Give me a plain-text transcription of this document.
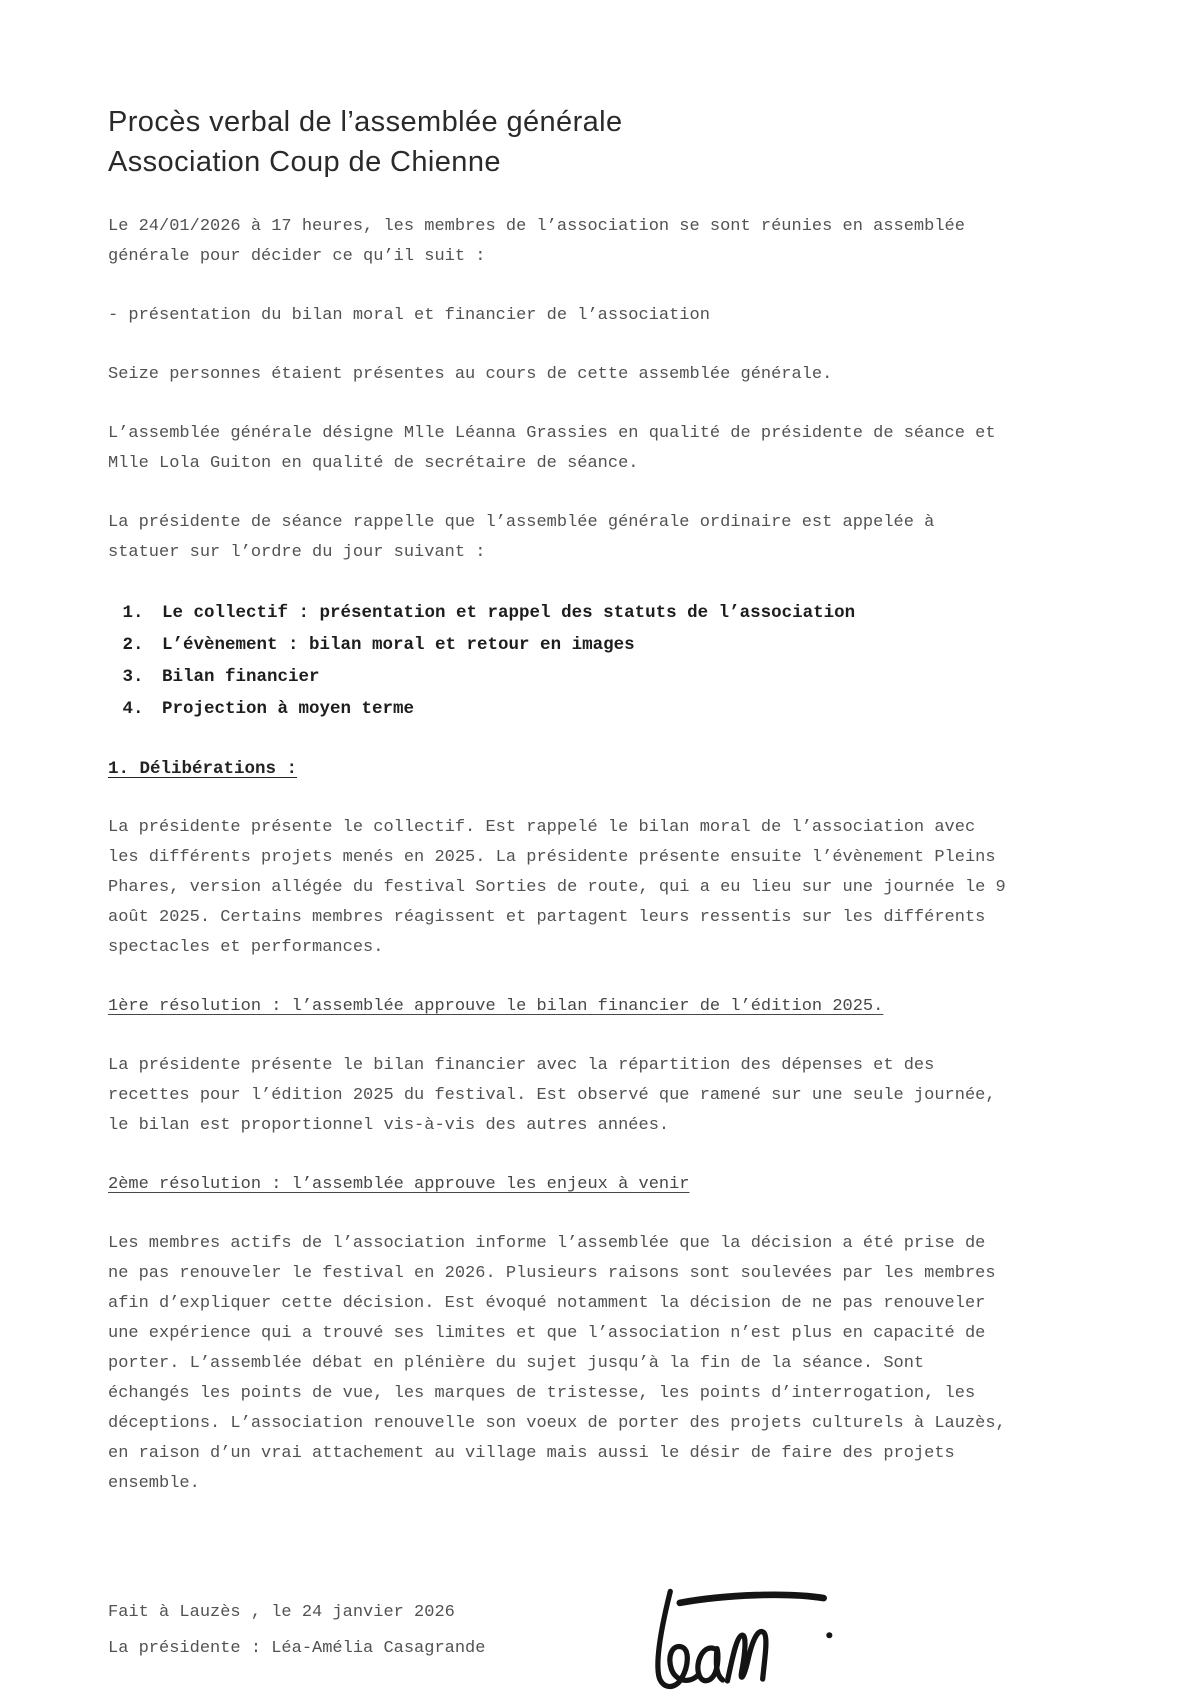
Procès verbal de l’assemblée générale
Association Coup de Chienne

Le 24/01/2026 à 17 heures, les membres de l’association se sont réunies en assemblée générale pour décider ce qu’il suit :

- présentation du bilan moral et financier de l’association

Seize personnes étaient présentes au cours de cette assemblée générale.

L’assemblée générale désigne Mlle Léanna Grassies en qualité de présidente de séance et Mlle Lola Guiton en qualité de secrétaire de séance.

La présidente de séance rappelle que l’assemblée générale ordinaire est appelée à statuer sur l’ordre du jour suivant :

1. Le collectif : présentation et rappel des statuts de l’association
2. L’évènement : bilan moral et retour en images
3. Bilan financier
4. Projection à moyen terme
1. Délibérations :

La présidente présente le collectif. Est rappelé le bilan moral de l’association avec les différents projets menés en 2025. La présidente présente ensuite l’évènement Pleins Phares, version allégée du festival Sorties de route, qui a eu lieu sur une journée le 9 août 2025. Certains membres réagissent et partagent leurs ressentis sur les différents spectacles et performances.

1ère résolution : l’assemblée approuve le bilan financier de l’édition 2025.

La présidente présente le bilan financier avec la répartition des dépenses et des recettes pour l’édition 2025 du festival. Est observé que ramené sur une seule journée, le bilan est proportionnel vis-à-vis des autres années.

2ème résolution : l’assemblée approuve les enjeux à venir

Les membres actifs de l’association informe l’assemblée que la décision a été prise de ne pas renouveler le festival en 2026. Plusieurs raisons sont soulevées par les membres afin d’expliquer cette décision. Est évoqué notamment la décision de ne pas renouveler une expérience qui a trouvé ses limites et que l’association n’est plus en capacité de porter. L’assemblée débat en plénière du sujet jusqu’à la fin de la séance. Sont échangés les points de vue, les marques de tristesse, les points d’interrogation, les déceptions. L’association renouvelle son voeux de porter des projets culturels à Lauzès, en raison d’un vrai attachement au village mais aussi le désir de faire des projets ensemble.

Fait à Lauzès , le 24 janvier 2026
La présidente : Léa-Amélia Casagrande
